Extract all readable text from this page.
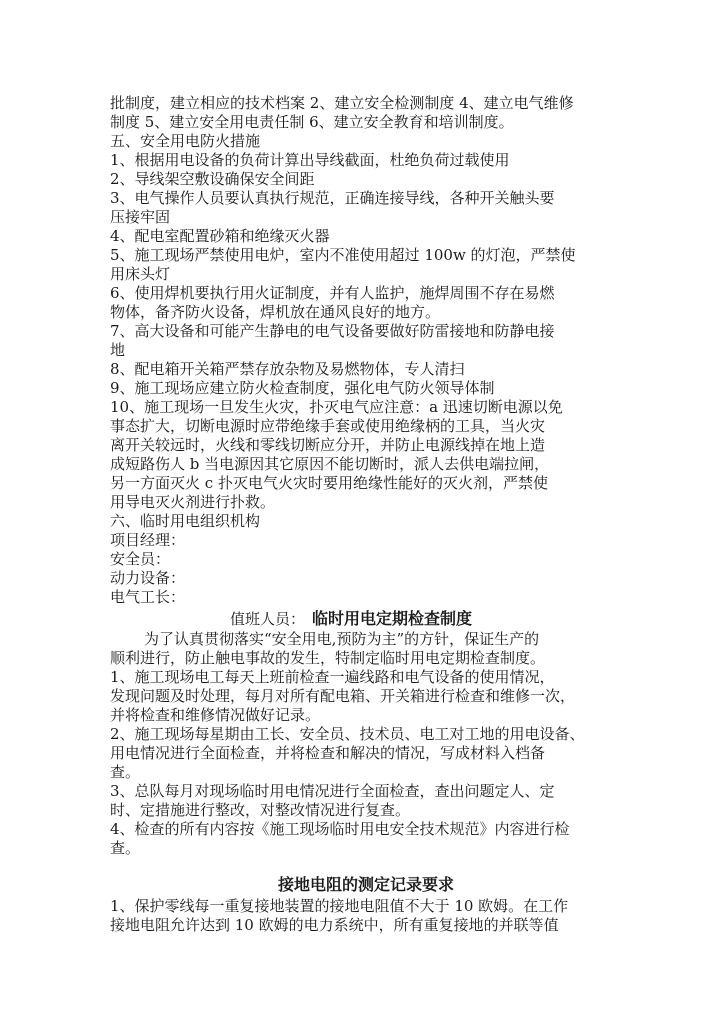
批制度，建立相应的技术档案 2、建立安全检测制度 4、建立电气维修
制度 5、建立安全用电责任制 6、建立安全教育和培训制度。
五、安全用电防火措施
1、根据用电设备的负荷计算出导线截面，杜绝负荷过载使用
2、导线架空敷设确保安全间距
3、电气操作人员要认真执行规范，正确连接导线，各种开关触头要
压接牢固
4、配电室配置砂箱和绝缘灭火器
5、施工现场严禁使用电炉，室内不准使用超过 100w 的灯泡，严禁使
用床头灯
6、使用焊机要执行用火证制度，并有人监护，施焊周围不存在易燃
物体，备齐防火设备，焊机放在通风良好的地方。
7、高大设备和可能产生静电的电气设备要做好防雷接地和防静电接
地
8、配电箱开关箱严禁存放杂物及易燃物体，专人清扫
9、施工现场应建立防火检查制度，强化电气防火领导体制
10、施工现场一旦发生火灾，扑灭电气应注意：a 迅速切断电源以免
事态扩大，切断电源时应带绝缘手套或使用绝缘柄的工具，当火灾
离开关较远时，火线和零线切断应分开，并防止电源线掉在地上造
成短路伤人 b 当电源因其它原因不能切断时，派人去供电端拉闸，
另一方面灭火 c 扑灭电气火灾时要用绝缘性能好的灭火剂，严禁使
用导电灭火剂进行扑救。
六、临时用电组织机构
项目经理：
安全员：
动力设备：
电气工长：
值班人员： 临时用电定期检查制度
为了认真贯彻落实“安全用电,预防为主”的方针，保证生产的
顺利进行，防止触电事故的发生，特制定临时用电定期检查制度。
1、施工现场电工每天上班前检查一遍线路和电气设备的使用情况，
发现问题及时处理，每月对所有配电箱、开关箱进行检查和维修一次，
并将检查和维修情况做好记录。
2、施工现场每星期由工长、安全员、技术员、电工对工地的用电设备、
用电情况进行全面检查，并将检查和解决的情况，写成材料入档备
查。
3、总队每月对现场临时用电情况进行全面检查，查出问题定人、定
时、定措施进行整改，对整改情况进行复查。
4、检查的所有内容按《施工现场临时用电安全技术规范》内容进行检
查。
接地电阻的测定记录要求
1、保护零线每一重复接地装置的接地电阻值不大于 10 欧姆。在工作
接地电阻允许达到 10 欧姆的电力系统中，所有重复接地的并联等值
